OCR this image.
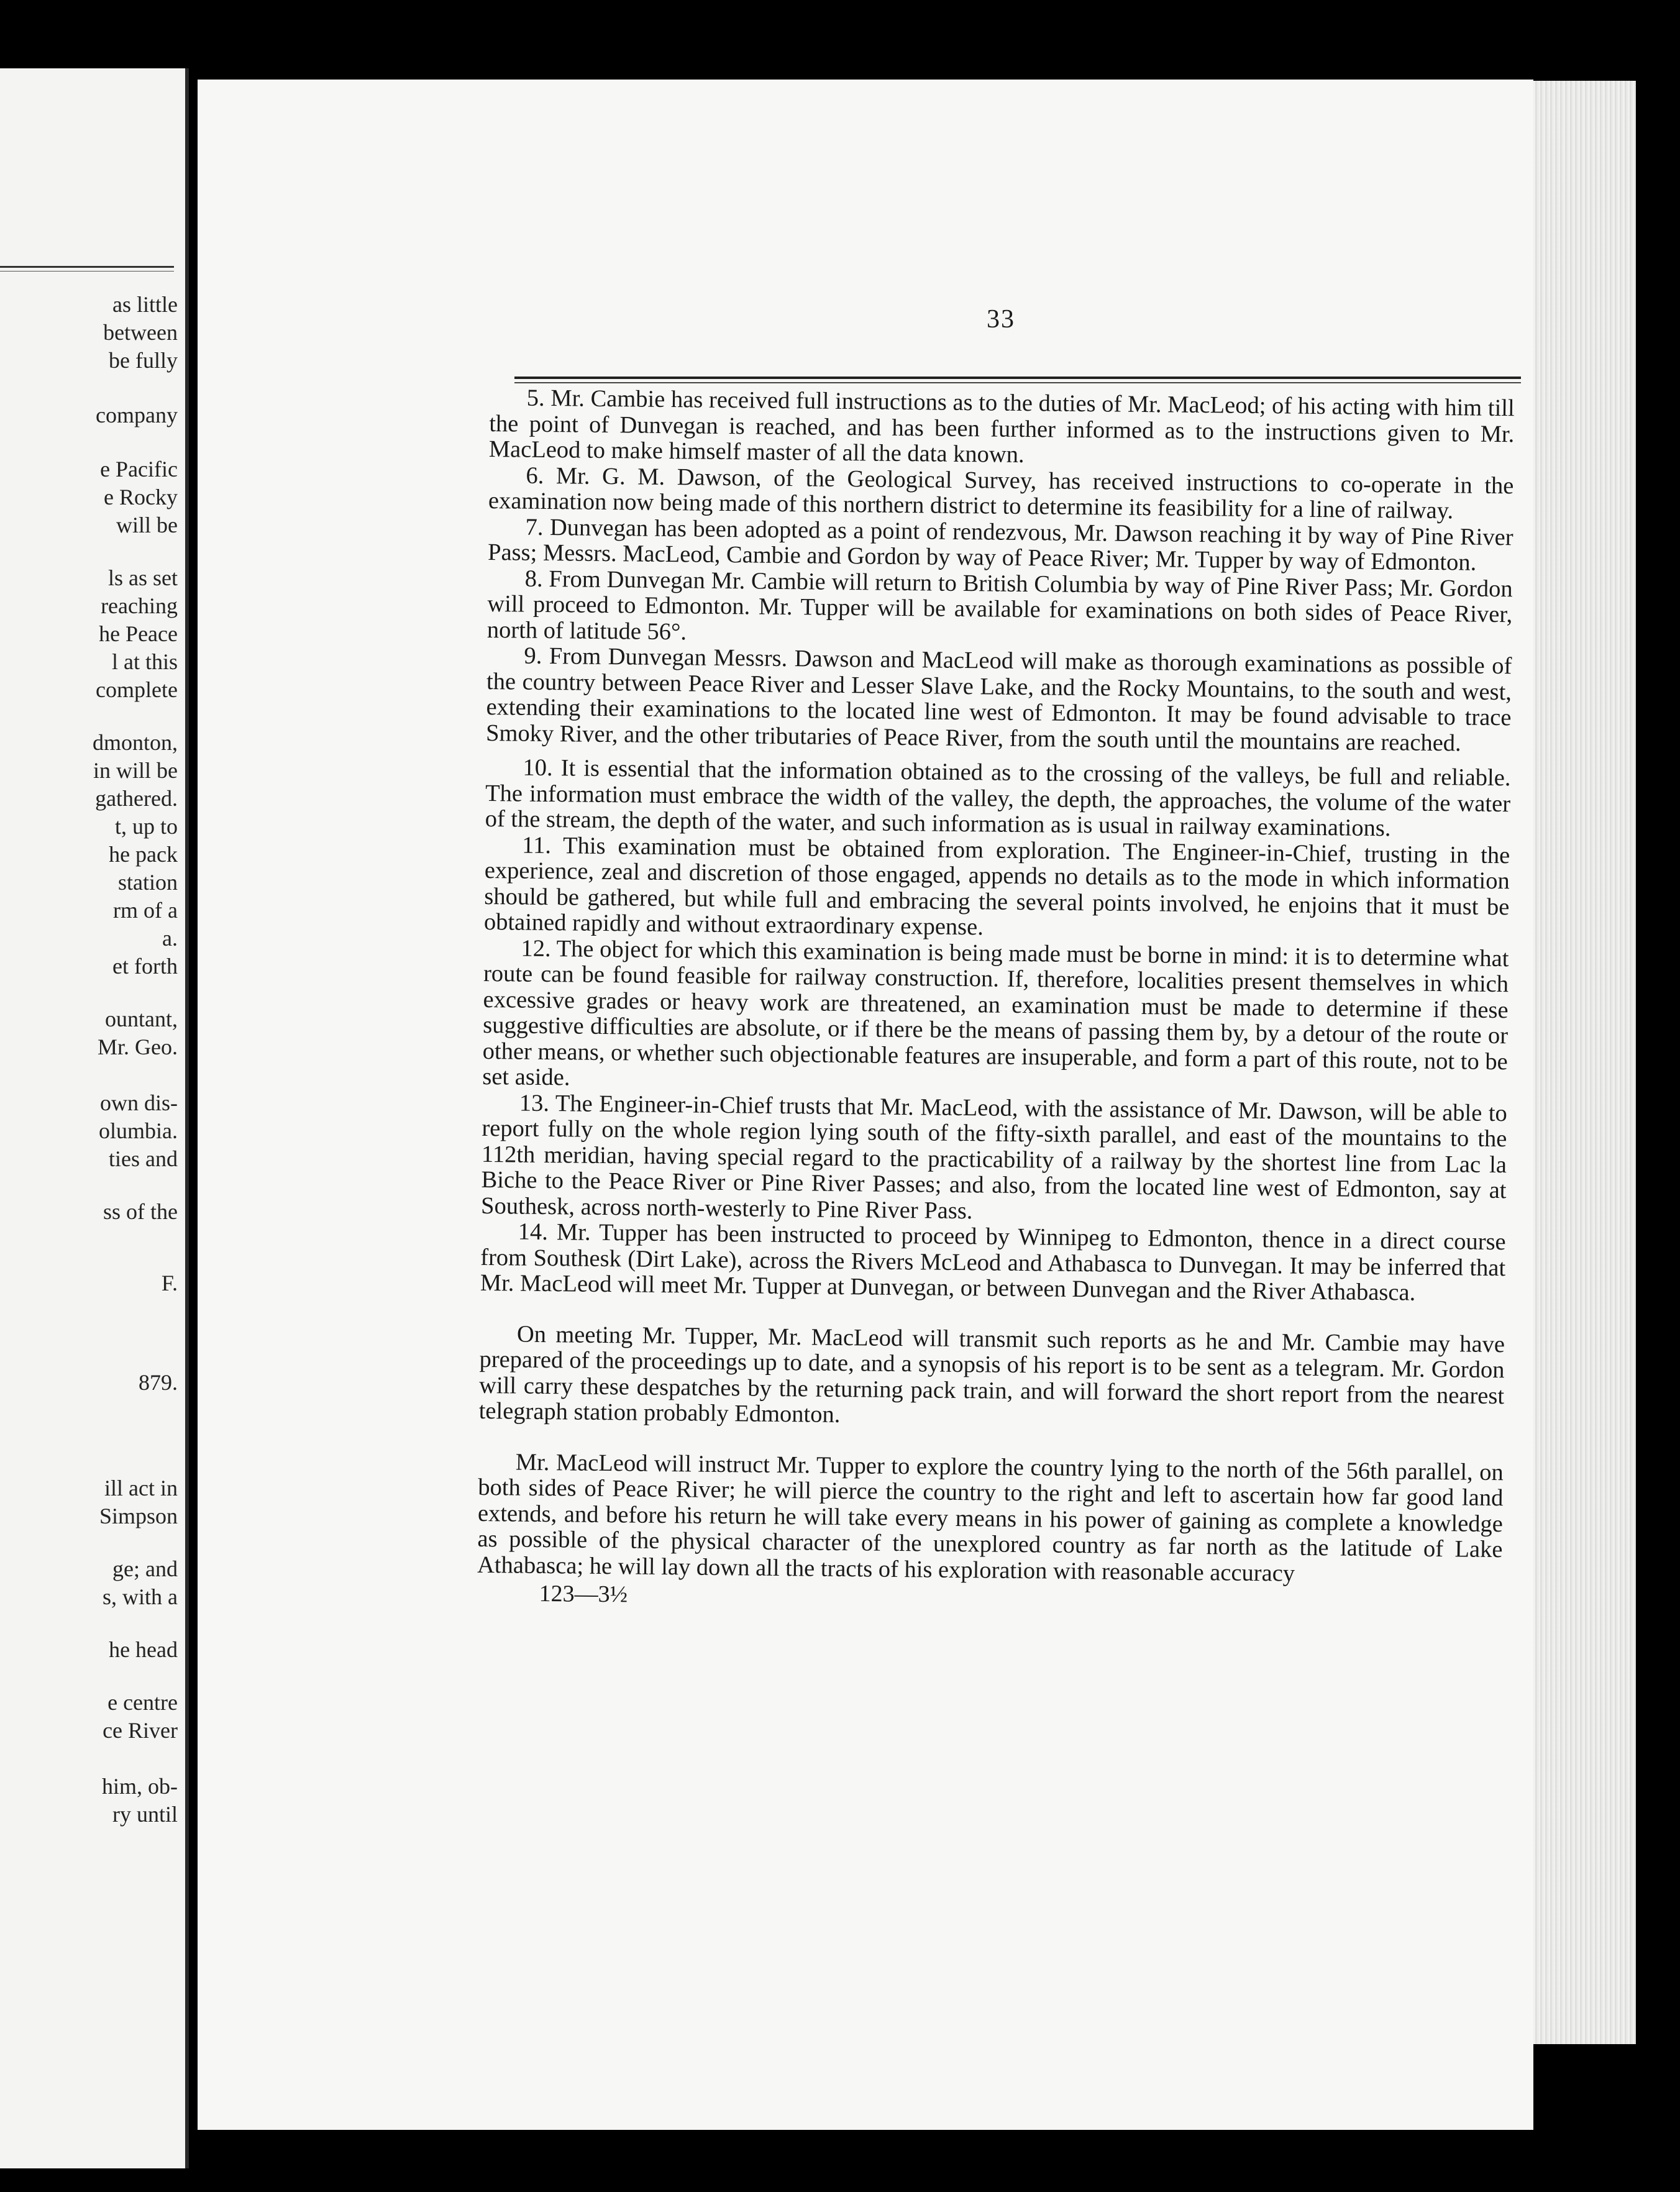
as little
between
be fully
company
e Pacific
e Rocky
will be
ls as set
reaching
he Peace
l at this
complete
dmonton,
in will be
gathered.
t, up to
he pack
station
rm of a
a.
et forth
ountant,
Mr. Geo.
own dis-
olumbia.
ties and
ss of the
F.
879.
ill act in
Simpson
ge; and
s, with a
he head
e centre
ce River
him, ob-
ry until
33

5. Mr. Cambie has received full instructions as to the duties of Mr. MacLeod; of his acting with him till the point of Dunvegan is reached, and has been further informed as to the instructions given to Mr. MacLeod to make himself master of all the data known.

6. Mr. G. M. Dawson, of the Geological Survey, has received instructions to co-operate in the examination now being made of this northern district to determine its feasibility for a line of railway.

7. Dunvegan has been adopted as a point of rendezvous, Mr. Dawson reaching it by way of Pine River Pass; Messrs. MacLeod, Cambie and Gordon by way of Peace River; Mr. Tupper by way of Edmonton.

8. From Dunvegan Mr. Cambie will return to British Columbia by way of Pine River Pass; Mr. Gordon will proceed to Edmonton. Mr. Tupper will be available for examinations on both sides of Peace River, north of latitude 56°.

9. From Dunvegan Messrs. Dawson and MacLeod will make as thorough examinations as possible of the country between Peace River and Lesser Slave Lake, and the Rocky Mountains, to the south and west, extending their examinations to the located line west of Edmonton. It may be found advisable to trace Smoky River, and the other tributaries of Peace River, from the south until the mountains are reached.

10. It is essential that the information obtained as to the crossing of the valleys, be full and reliable. The information must embrace the width of the valley, the depth, the approaches, the volume of the water of the stream, the depth of the water, and such information as is usual in railway examinations.

11. This examination must be obtained from exploration. The Engineer-in-Chief, trusting in the experience, zeal and discretion of those engaged, appends no details as to the mode in which information should be gathered, but while full and embracing the several points involved, he enjoins that it must be obtained rapidly and without extraordinary expense.

12. The object for which this examination is being made must be borne in mind: it is to determine what route can be found feasible for railway construction. If, therefore, localities present themselves in which excessive grades or heavy work are threatened, an examination must be made to determine if these suggestive difficulties are absolute, or if there be the means of passing them by, by a detour of the route or other means, or whether such objectionable features are insuperable, and form a part of this route, not to be set aside.

13. The Engineer-in-Chief trusts that Mr. MacLeod, with the assistance of Mr. Dawson, will be able to report fully on the whole region lying south of the fifty-sixth parallel, and east of the mountains to the 112th meridian, having special regard to the practicability of a railway by the shortest line from Lac la Biche to the Peace River or Pine River Passes; and also, from the located line west of Edmonton, say at Southesk, across north-westerly to Pine River Pass.

14. Mr. Tupper has been instructed to proceed by Winnipeg to Edmonton, thence in a direct course from Southesk (Dirt Lake), across the Rivers McLeod and Athabasca to Dunvegan. It may be inferred that Mr. MacLeod will meet Mr. Tupper at Dunvegan, or between Dunvegan and the River Athabasca.

On meeting Mr. Tupper, Mr. MacLeod will transmit such reports as he and Mr. Cambie may have prepared of the proceedings up to date, and a synopsis of his report is to be sent as a telegram. Mr. Gordon will carry these despatches by the returning pack train, and will forward the short report from the nearest telegraph station probably Edmonton.

Mr. MacLeod will instruct Mr. Tupper to explore the country lying to the north of the 56th parallel, on both sides of Peace River; he will pierce the country to the right and left to ascertain how far good land extends, and before his return he will take every means in his power of gaining as complete a knowledge as possible of the physical character of the unexplored country as far north as the latitude of Lake Athabasca; he will lay down all the tracts of his exploration with reasonable accuracy

123—3½
